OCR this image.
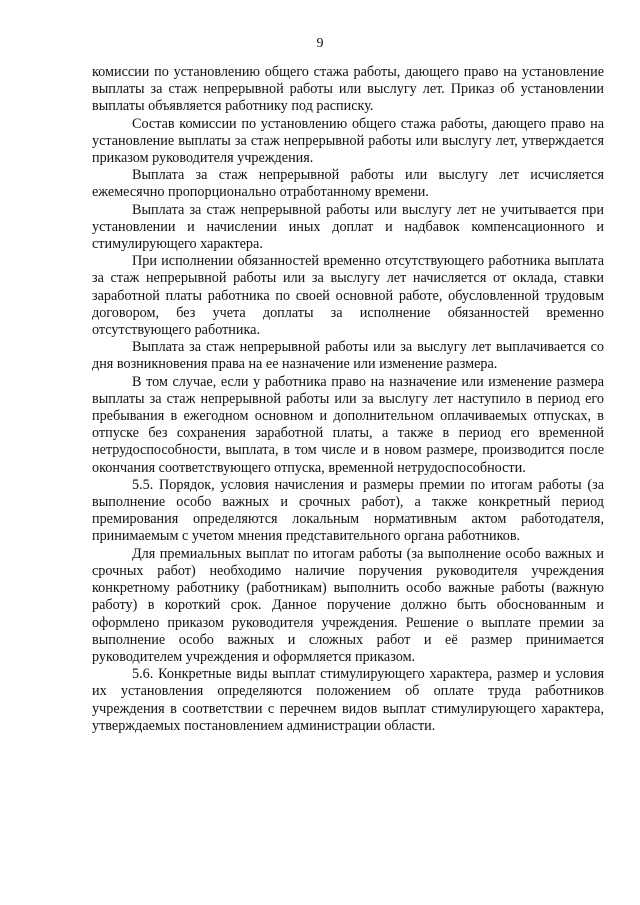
9

комиссии по установлению общего стажа работы, дающего право на установление выплаты за стаж непрерывной работы или выслугу лет. Приказ об установлении выплаты объявляется работнику под расписку.

Состав комиссии по установлению общего стажа работы, дающего право на установление выплаты за стаж непрерывной работы или выслугу лет, утверждается приказом руководителя учреждения.

Выплата за стаж непрерывной работы или выслугу лет исчисляется ежемесячно пропорционально отработанному времени.

Выплата за стаж непрерывной работы или выслугу лет не учитывается при установлении и начислении иных доплат и надбавок компенсационного и стимулирующего характера.

При исполнении обязанностей временно отсутствующего работника выплата за стаж непрерывной работы или за выслугу лет начисляется от оклада, ставки заработной платы работника по своей основной работе, обусловленной трудовым договором, без учета доплаты за исполнение обязанностей временно отсутствующего работника.

Выплата за стаж непрерывной работы или за выслугу лет выплачивается со дня возникновения права на ее назначение или изменение размера.

В том случае, если у работника право на назначение или изменение размера выплаты за стаж непрерывной работы или за выслугу лет наступило в период его пребывания в ежегодном основном и дополнительном оплачиваемых отпусках, в отпуске без сохранения заработной платы, а также в период его временной нетрудоспособности, выплата, в том числе и в новом размере, производится после окончания соответствующего отпуска, временной нетрудоспособности.

5.5. Порядок, условия начисления и размеры премии по итогам работы (за выполнение особо важных и срочных работ), а также конкретный период премирования определяются локальным нормативным актом работодателя, принимаемым с учетом мнения представительного органа работников.

Для премиальных выплат по итогам работы (за выполнение особо важных и срочных работ) необходимо наличие поручения руководителя учреждения конкретному работнику (работникам) выполнить особо важные работы (важную работу) в короткий срок. Данное поручение должно быть обоснованным и оформлено приказом руководителя учреждения. Решение о выплате премии за выполнение особо важных и сложных работ и её размер принимается руководителем учреждения и оформляется приказом.

5.6. Конкретные виды выплат стимулирующего характера, размер и условия их установления определяются положением об оплате труда работников учреждения в соответствии с перечнем видов выплат стимулирующего характера, утверждаемых постановлением администрации области.
